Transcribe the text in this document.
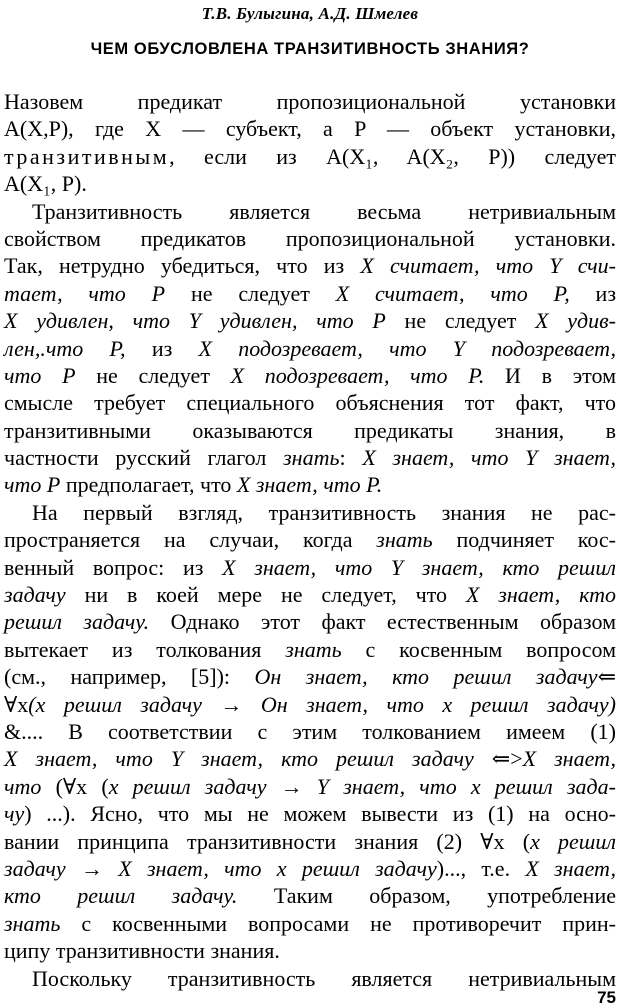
Т.В. Булыгина, А.Д. Шмелев
ЧЕМ ОБУСЛОВЛЕНА ТРАНЗИТИВНОСТЬ ЗНАНИЯ?
Назовем предикат пропозициональной установки
A(X,P), где X — субъект, а P — объект установки,
транзитивным, если из A(X₁, A(X₂, P)) следует
A(X₁, P).
Транзитивность является весьма нетривиальным
свойством предикатов пропозициональной установки.
Так, нетрудно убедиться, что из X считает, что Y счи-
тает, что P не следует X считает, что P, из
X удивлен, что Y удивлен, что P не следует X удив-
лен,.что P, из X подозревает, что Y подозревает,
что P не следует X подозревает, что P. И в этом
смысле требует специального объяснения тот факт, что
транзитивными оказываются предикаты знания, в
частности русский глагол знать: X знает, что Y знает,
что P предполагает, что X знает, что P.
На первый взгляд, транзитивность знания не рас-
пространяется на случаи, когда знать подчиняет кос-
венный вопрос: из X знает, что Y знает, кто решил
задачу ни в коей мере не следует, что X знает, кто
решил задачу. Однако этот факт естественным образом
вытекает из толкования знать с косвенным вопросом
(см., например, [5]): Он знает, кто решил задачу⇐
∀x(x решил задачу → Он знает, что x решил задачу)
&.... В соответствии с этим толкованием имеем (1)
X знает, что Y знает, кто решил задачу ⇐>X знает,
что (∀x (x решил задачу → Y знает, что x решил зада-
чу) ...). Ясно, что мы не можем вывести из (1) на осно-
вании принципа транзитивности знания (2) ∀x (x решил
задачу → X знает, что x решил задачу)..., т.е. X знает,
кто решил задачу. Таким образом, употребление
знать с косвенными вопросами не противоречит прин-
ципу транзитивности знания.
Поскольку транзитивность является нетривиальным
75
